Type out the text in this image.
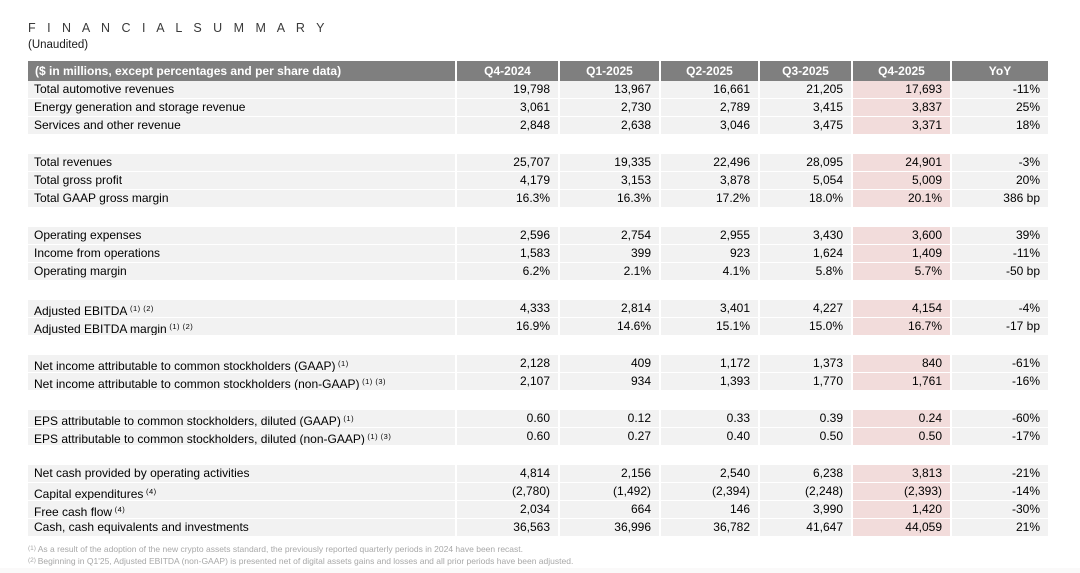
F I N A N C I A L S U M M A R Y
(Unaudited)
($ in millions, except percentages and per share data)	Q4-2024	Q1-2025	Q2-2025	Q3-2025	Q4-2025	YoY
Total automotive revenues	19,798	13,967	16,661	21,205	17,693	-11%
Energy generation and storage revenue	3,061	2,730	2,789	3,415	3,837	25%
Services and other revenue	2,848	2,638	3,046	3,475	3,371	18%
Total revenues	25,707	19,335	22,496	28,095	24,901	-3%
Total gross profit	4,179	3,153	3,878	5,054	5,009	20%
Total GAAP gross margin	16.3%	16.3%	17.2%	18.0%	20.1%	386 bp
Operating expenses	2,596	2,754	2,955	3,430	3,600	39%
Income from operations	1,583	399	923	1,624	1,409	-11%
Operating margin	6.2%	2.1%	4.1%	5.8%	5.7%	-50 bp
Adjusted EBITDA $^{(1) (2)}$	4,333	2,814	3,401	4,227	4,154	-4%
Adjusted EBITDA margin $^{(1) (2)}$	16.9%	14.6%	15.1%	15.0%	16.7%	-17 bp
Net income attributable to common stockholders (GAAP) $^{(1)}$	2,128	409	1,172	1,373	840	-61%
Net income attributable to common stockholders (non-GAAP) $^{(1) (3)}$	2,107	934	1,393	1,770	1,761	-16%
EPS attributable to common stockholders, diluted (GAAP) $^{(1)}$	0.60	0.12	0.33	0.39	0.24	-60%
EPS attributable to common stockholders, diluted (non-GAAP) $^{(1) (3)}$	0.60	0.27	0.40	0.50	0.50	-17%
Net cash provided by operating activities	4,814	2,156	2,540	6,238	3,813	-21%
Capital expenditures $^{(4)}$	(2,780)	(1,492)	(2,394)	(2,248)	(2,393)	-14%
Free cash flow $^{(4)}$	2,034	664	146	3,990	1,420	-30%
Cash, cash equivalents and investments	36,563	36,996	36,782	41,647	44,059	21%
$^{(1)}$ As a result of the adoption of the new crypto assets standard, the previously reported quarterly periods in 2024 have been recast.
$^{(2)}$ Beginning in Q1'25, Adjusted EBITDA (non-GAAP) is presented net of digital assets gains and losses and all prior periods have been adjusted.
